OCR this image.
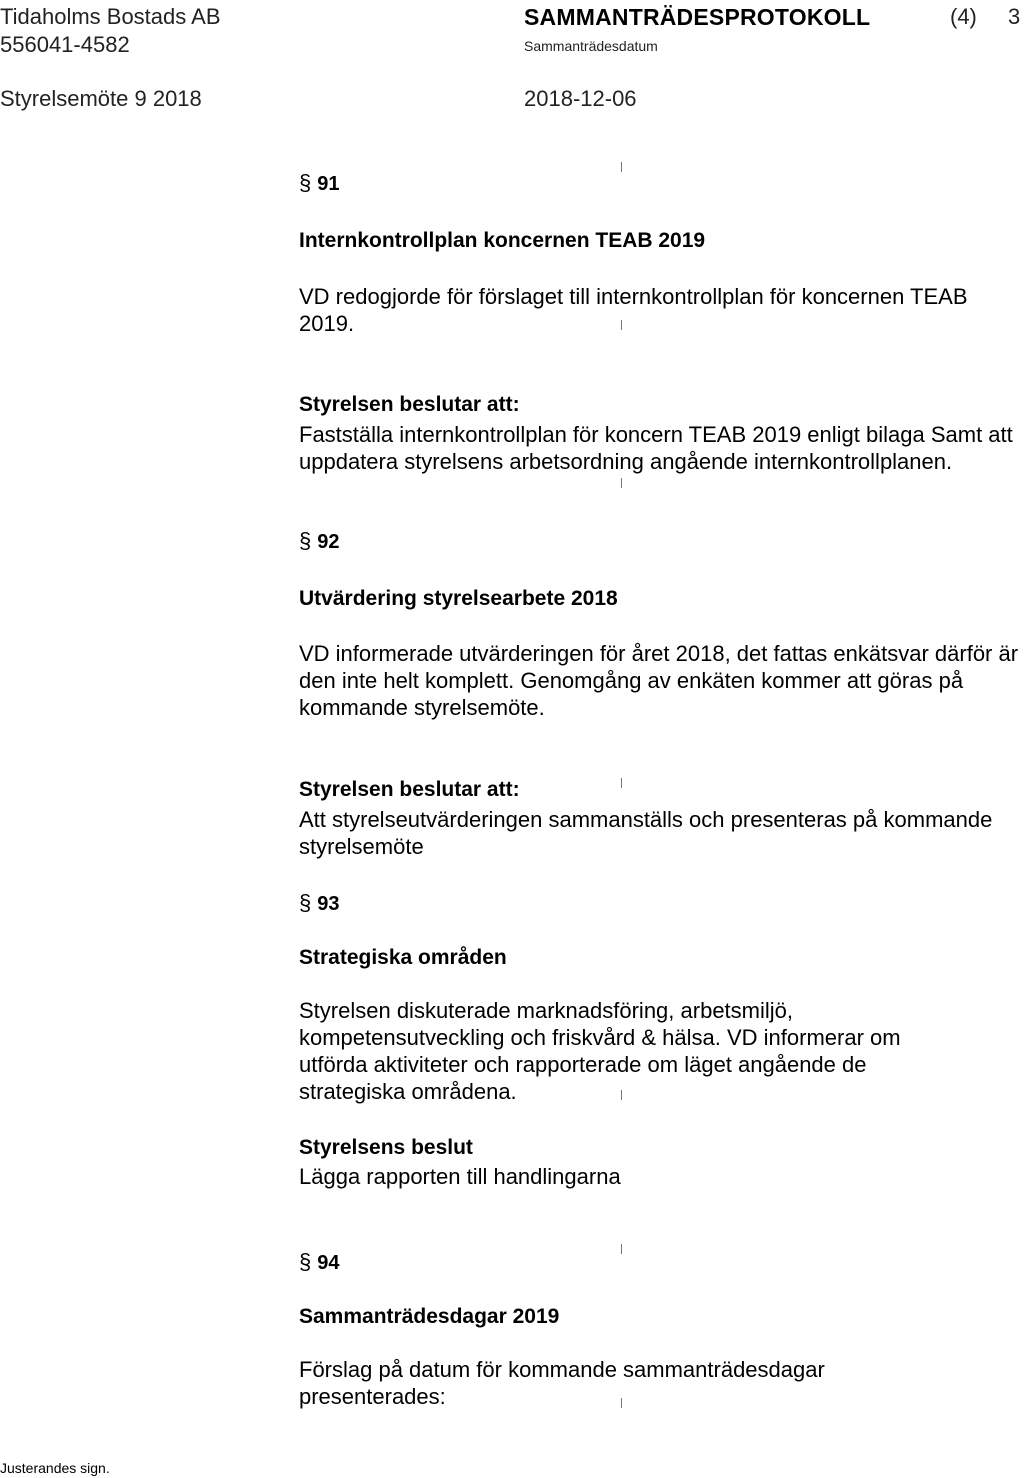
Tidaholms Bostads AB
556041-4582
Styrelsemöte 9 2018
SAMMANTRÄDESPROTOKOLL
Sammanträdesdatum
2018-12-06
(4) 3
§ 91
Internkontrollplan koncernen TEAB 2019
VD redogjorde för förslaget till internkontrollplan för koncernen TEAB 2019.
Styrelsen beslutar att:
Fastställa internkontrollplan för koncern TEAB 2019 enligt bilaga Samt att uppdatera styrelsens arbetsordning angående internkontrollplanen.
§ 92
Utvärdering styrelsearbete 2018
VD informerade utvärderingen för året 2018, det fattas enkätsvar därför är den inte helt komplett. Genomgång av enkäten kommer att göras på kommande styrelsemöte.
Styrelsen beslutar att:
Att styrelseutvärderingen sammanställs och presenteras på kommande styrelsemöte
§ 93
Strategiska områden
Styrelsen diskuterade marknadsföring, arbetsmiljö, kompetensutveckling och friskvård & hälsa. VD informerar om utförda aktiviteter och rapporterade om läget angående de strategiska områdena.
Styrelsens beslut
Lägga rapporten till handlingarna
§ 94
Sammanträdesdagar 2019
Förslag på datum för kommande sammanträdesdagar presenterades:
Justerandes sign.
